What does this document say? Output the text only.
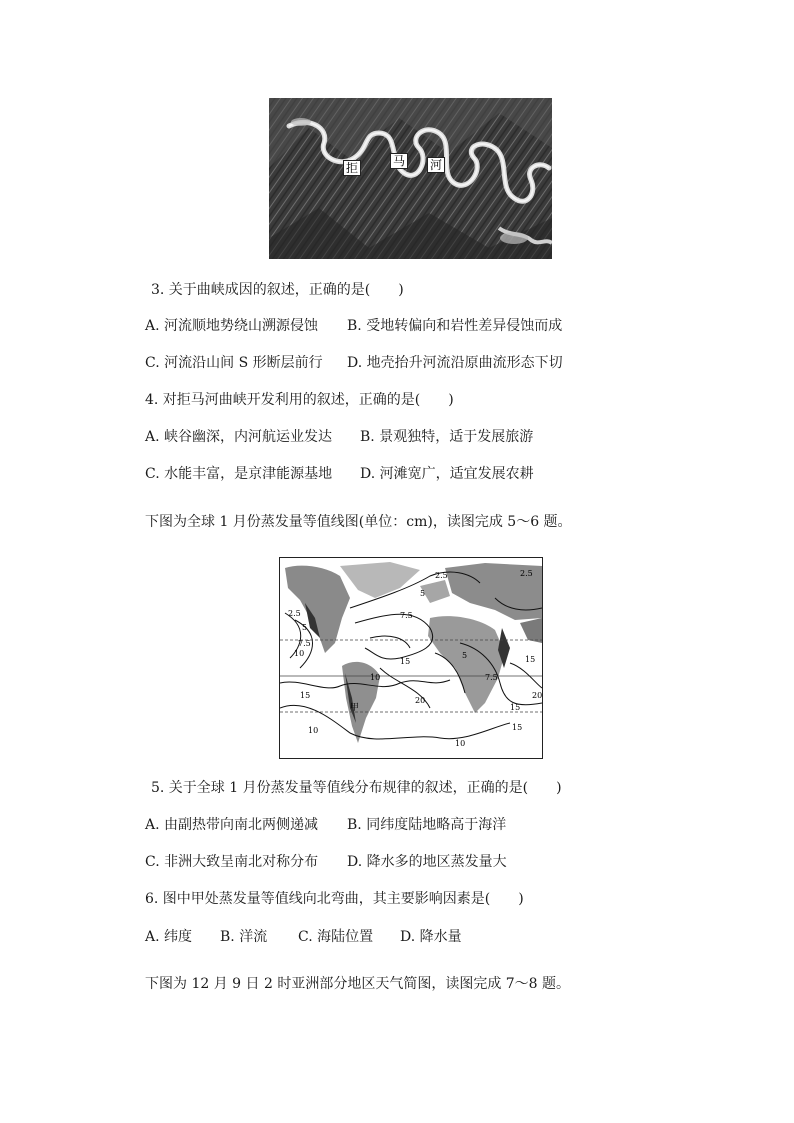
拒	马 河
3. 关于曲峡成因的叙述，正确的是(　　)
A. 河流顺地势绕山溯源侵蚀 B. 受地转偏向和岩性差异侵蚀而成
C. 河流沿山间 S 形断层前行 D. 地壳抬升河流沿原曲流形态下切
4. 对拒马河曲峡开发利用的叙述，正确的是(　　)
A. 峡谷幽深，内河航运业发达 B. 景观独特，适于发展旅游
C. 水能丰富，是京津能源基地 D. 河滩宽广，适宜发展农耕
下图为全球 1 月份蒸发量等值线图(单位：cm)，读图完成 5～6 题。
2.5
5
7.5
10
15
20
2.5
5
7.5
10
15	20
15
10
5
2.5
7.5
15
10
15
甲
5. 关于全球 1 月份蒸发量等值线分布规律的叙述，正确的是(　　)
A. 由副热带向南北两侧递减 B. 同纬度陆地略高于海洋
C. 非洲大致呈南北对称分布 D. 降水多的地区蒸发量大
6. 图中甲处蒸发量等值线向北弯曲，其主要影响因素是(　　)
A. 纬度 B. 洋流 C. 海陆位置 D. 降水量
下图为 12 月 9 日 2 时亚洲部分地区天气简图，读图完成 7～8 题。
